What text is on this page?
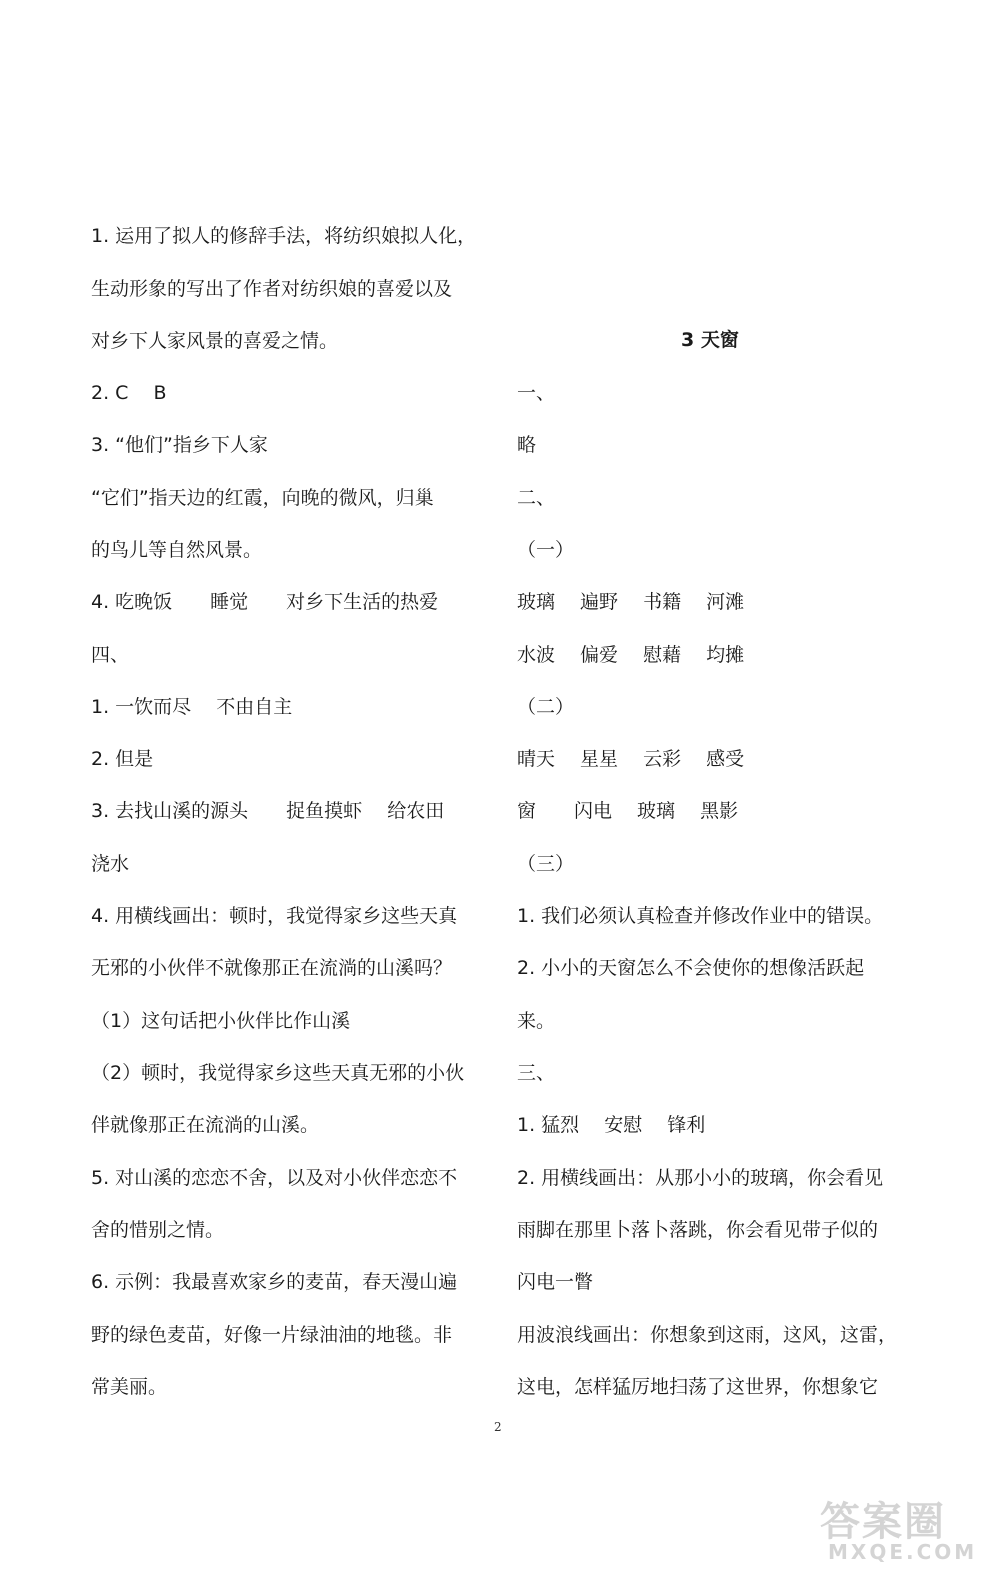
1. 运用了拟人的修辞手法，将纺织娘拟人化，
生动形象的写出了作者对纺织娘的喜爱以及
对乡下人家风景的喜爱之情。
2. C　 B
3. “他们”指乡下人家
“它们”指天边的红霞，向晚的微风，归巢
的鸟儿等自然风景。
4. 吃晚饭　　睡觉　　对乡下生活的热爱
四、
1. 一饮而尽　 不由自主
2. 但是
3. 去找山溪的源头　　捉鱼摸虾　 给农田
浇水
4. 用横线画出：顿时，我觉得家乡这些天真
无邪的小伙伴不就像那正在流淌的山溪吗？
（1）这句话把小伙伴比作山溪
（2）顿时，我觉得家乡这些天真无邪的小伙
伴就像那正在流淌的山溪。
5. 对山溪的恋恋不舍，以及对小伙伴恋恋不
舍的惜别之情。
6. 示例：我最喜欢家乡的麦苗，春天漫山遍
野的绿色麦苗，好像一片绿油油的地毯。非
常美丽。
3 天窗
一、
略
二、
（一）
玻璃　 遍野　 书籍　 河滩
水波　 偏爱　 慰藉　 均摊
（二）
晴天　 星星　 云彩　 感受
窗　　闪电　 玻璃　 黑影
（三）
1. 我们必须认真检查并修改作业中的错误。
2. 小小的天窗怎么不会使你的想像活跃起
来。
三、
1. 猛烈　 安慰　 锋利
2. 用横线画出：从那小小的玻璃，你会看见
雨脚在那里卜落卜落跳，你会看见带子似的
闪电一瞥
用波浪线画出：你想象到这雨，这风，这雷，
这电，怎样猛厉地扫荡了这世界，你想象它
2
答案圈
MXQE.COM
